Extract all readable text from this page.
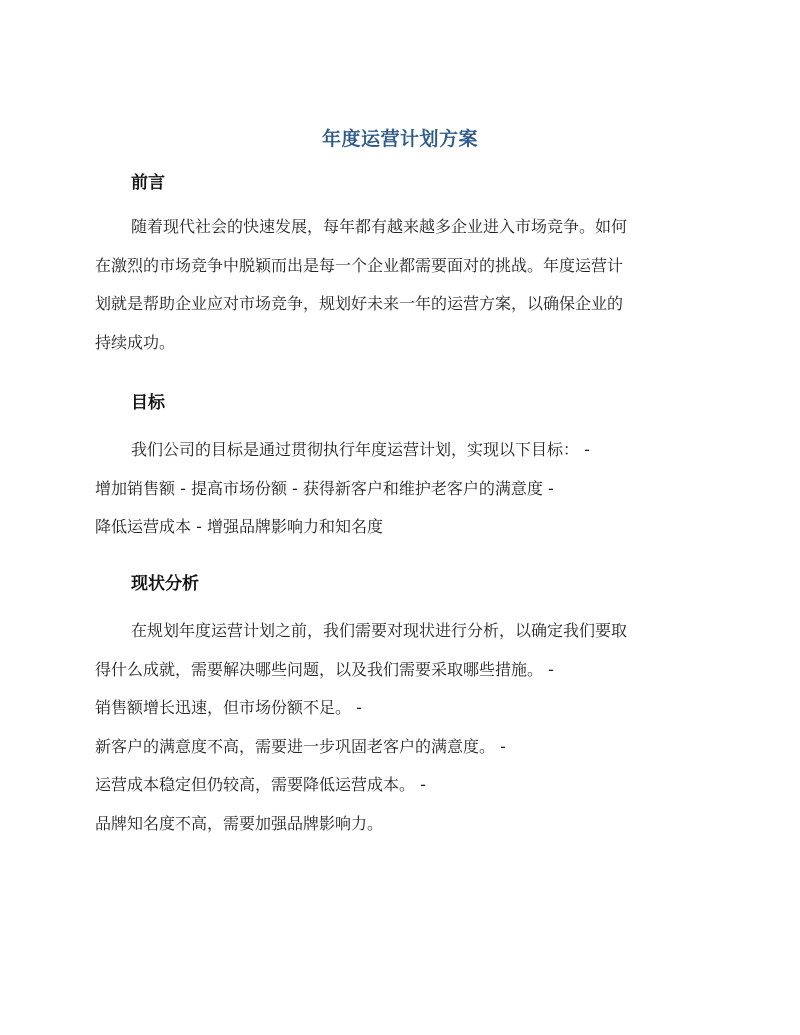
年度运营计划方案
前言
随着现代社会的快速发展，每年都有越来越多企业进入市场竞争。如何
在激烈的市场竞争中脱颖而出是每一个企业都需要面对的挑战。年度运营计
划就是帮助企业应对市场竞争，规划好未来一年的运营方案，以确保企业的
持续成功。
目标
我们公司的目标是通过贯彻执行年度运营计划，实现以下目标： -
增加销售额 - 提高市场份额 - 获得新客户和维护老客户的满意度 -
降低运营成本 - 增强品牌影响力和知名度
现状分析
在规划年度运营计划之前，我们需要对现状进行分析，以确定我们要取
得什么成就，需要解决哪些问题，以及我们需要采取哪些措施。 -
销售额增长迅速，但市场份额不足。 -
新客户的满意度不高，需要进一步巩固老客户的满意度。 -
运营成本稳定但仍较高，需要降低运营成本。 -
品牌知名度不高，需要加强品牌影响力。
